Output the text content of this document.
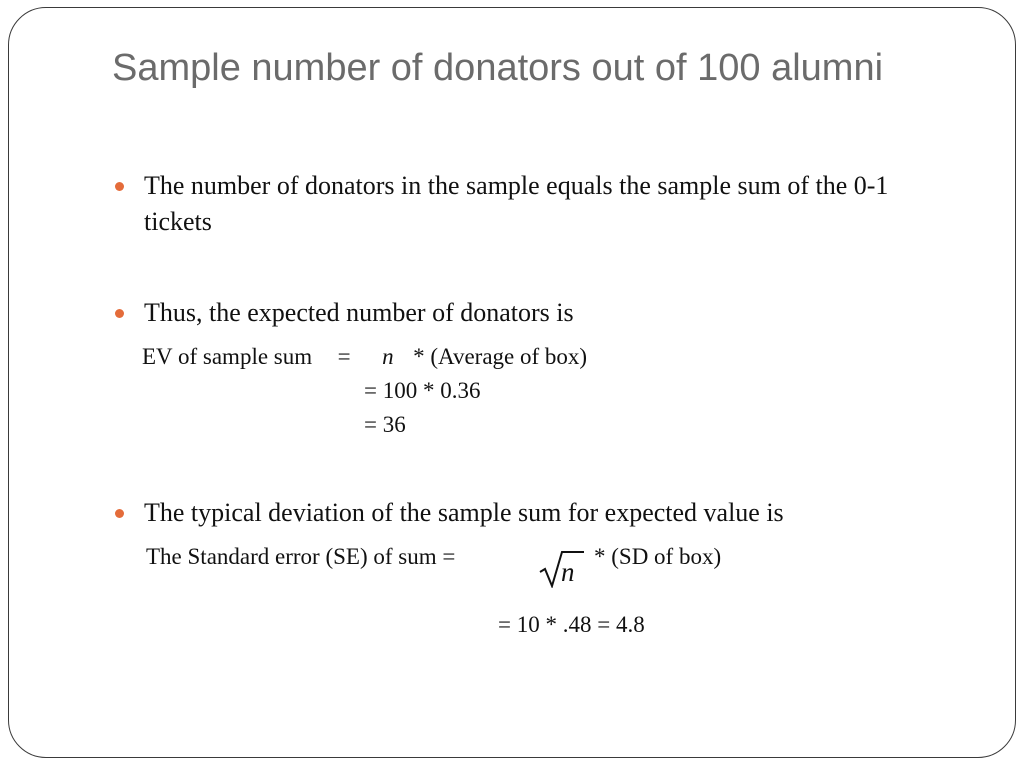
Sample number of donators out of 100 alumni
The number of donators in the sample equals the sample sum of the 0-1 tickets
Thus, the expected number of donators is
EV of sample sum = n * (Average of box)
= 100 * 0.36
= 36
The typical deviation of the sample sum for expected value is
The Standard error (SE) of sum =
n
* (SD of box)
= 10 * .48 = 4.8
